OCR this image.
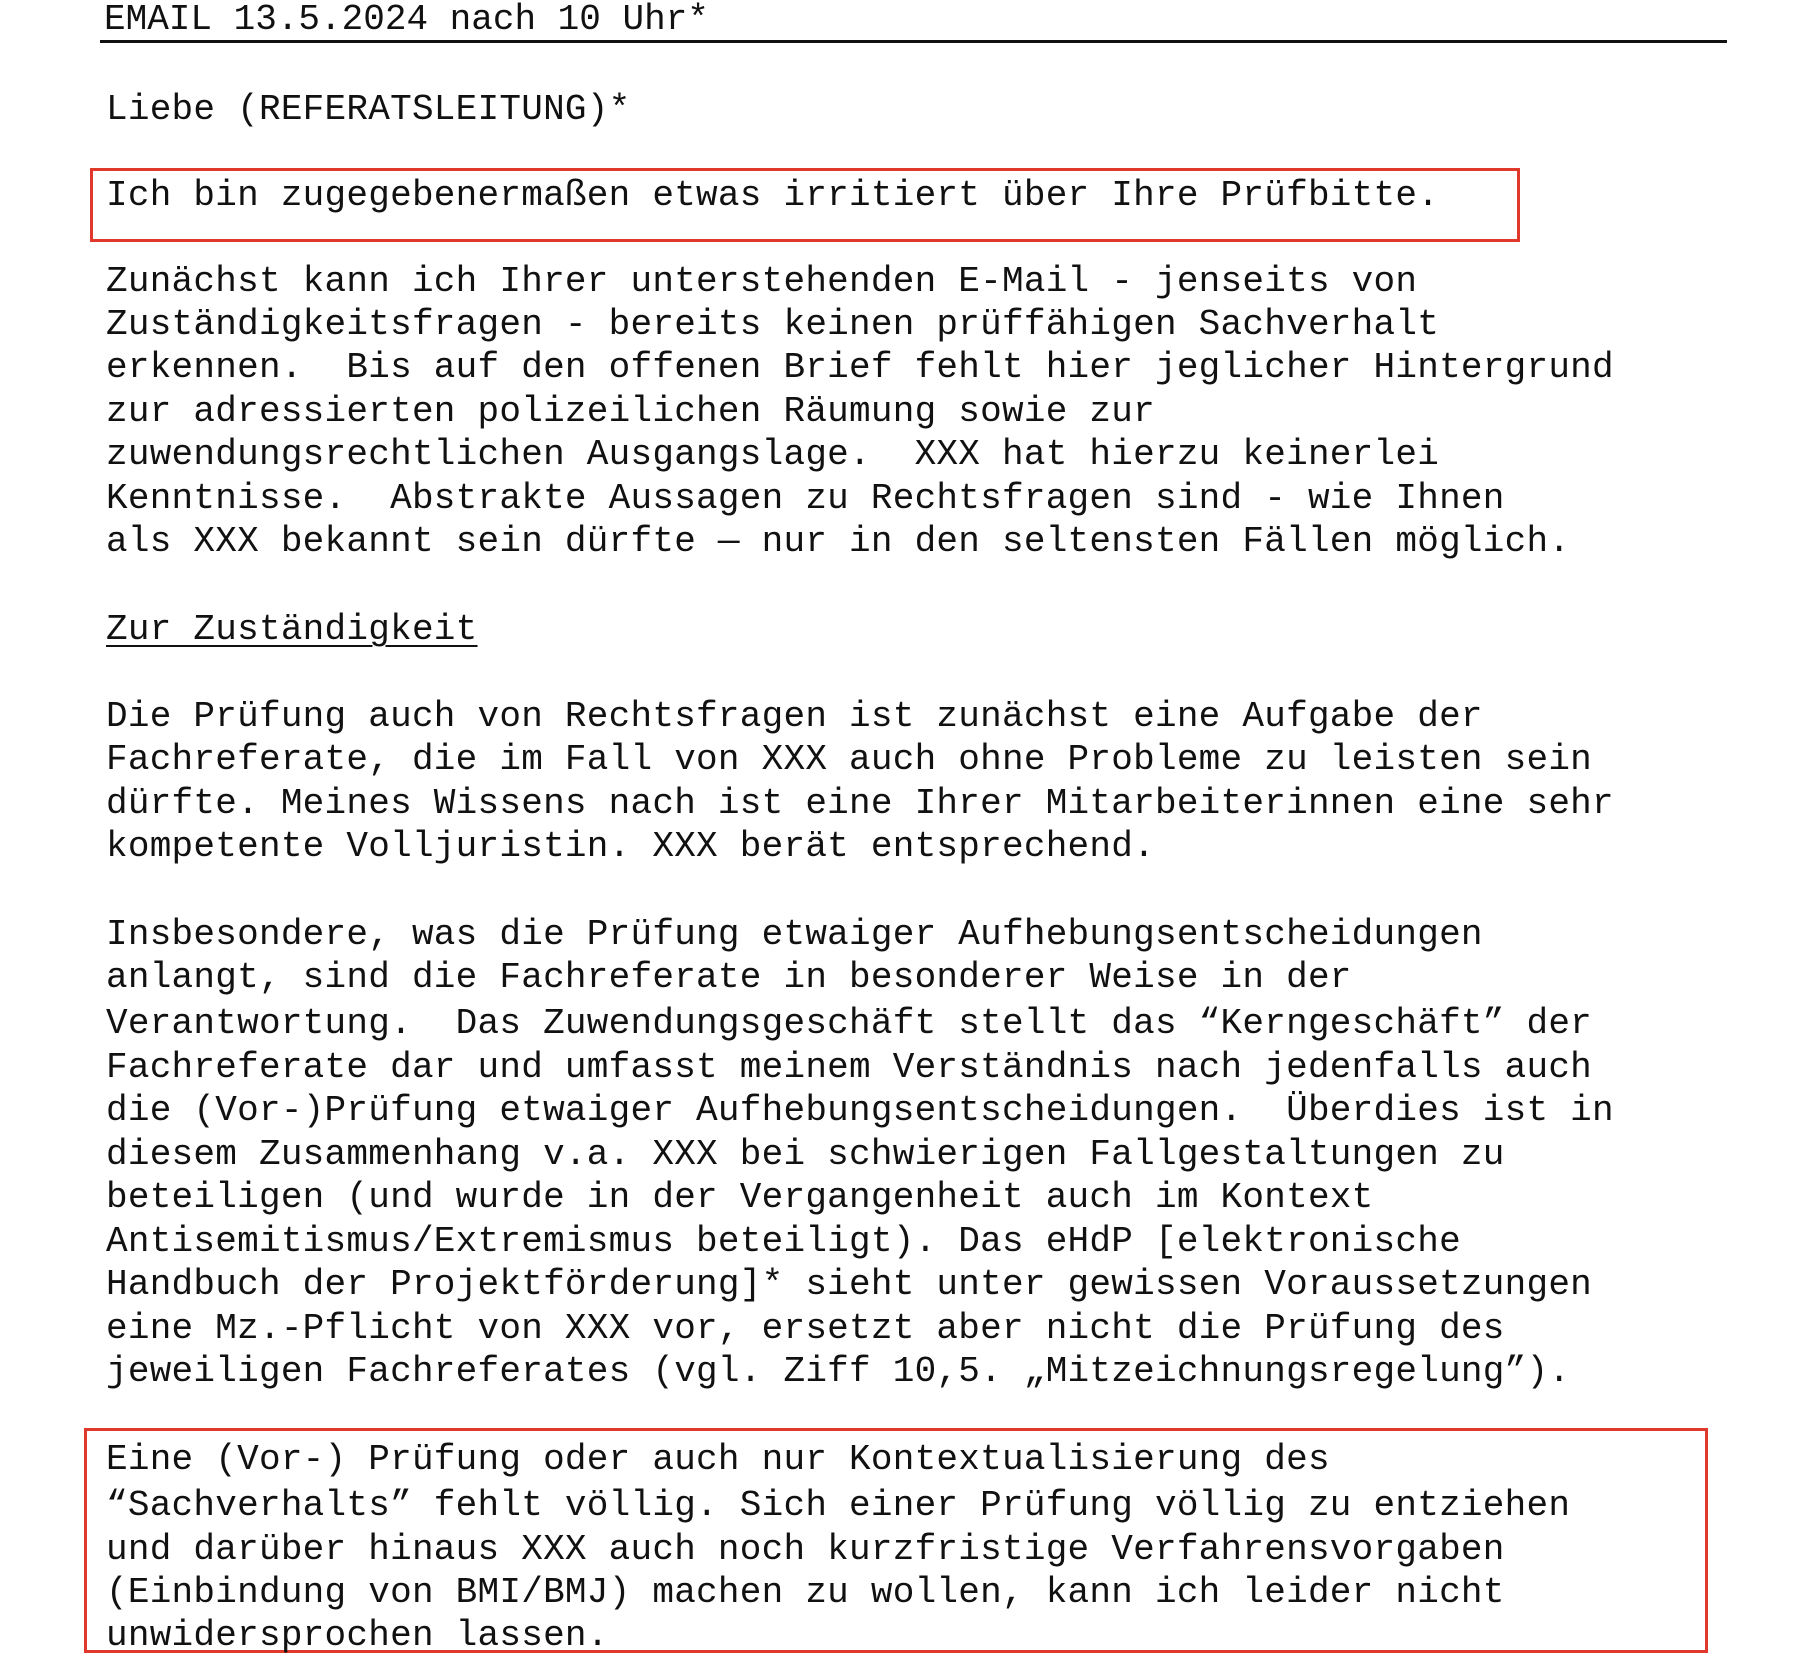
EMAIL 13.5.2024 nach 10 Uhr*
Liebe (REFERATSLEITUNG)*
Ich bin zugegebenermaßen etwas irritiert über Ihre Prüfbitte.
Zunächst kann ich Ihrer unterstehenden E-Mail - jenseits von
Zuständigkeitsfragen - bereits keinen prüffähigen Sachverhalt
erkennen.  Bis auf den offenen Brief fehlt hier jeglicher Hintergrund
zur adressierten polizeilichen Räumung sowie zur
zuwendungsrechtlichen Ausgangslage.  XXX hat hierzu keinerlei
Kenntnisse.  Abstrakte Aussagen zu Rechtsfragen sind - wie Ihnen
als XXX bekannt sein dürfte — nur in den seltensten Fällen möglich.
Zur Zuständigkeit
Die Prüfung auch von Rechtsfragen ist zunächst eine Aufgabe der
Fachreferate, die im Fall von XXX auch ohne Probleme zu leisten sein
dürfte. Meines Wissens nach ist eine Ihrer Mitarbeiterinnen eine sehr
kompetente Volljuristin. XXX berät entsprechend.
Insbesondere, was die Prüfung etwaiger Aufhebungsentscheidungen
anlangt, sind die Fachreferate in besonderer Weise in der
Verantwortung.  Das Zuwendungsgeschäft stellt das “Kerngeschäft” der
Fachreferate dar und umfasst meinem Verständnis nach jedenfalls auch
die (Vor-)Prüfung etwaiger Aufhebungsentscheidungen.  Überdies ist in
diesem Zusammenhang v.a. XXX bei schwierigen Fallgestaltungen zu
beteiligen (und wurde in der Vergangenheit auch im Kontext
Antisemitismus/Extremismus beteiligt). Das eHdP [elektronische
Handbuch der Projektförderung]* sieht unter gewissen Voraussetzungen
eine Mz.-Pflicht von XXX vor, ersetzt aber nicht die Prüfung des
jeweiligen Fachreferates (vgl. Ziff 10,5. „Mitzeichnungsregelung”).
Eine (Vor-) Prüfung oder auch nur Kontextualisierung des
“Sachverhalts” fehlt völlig. Sich einer Prüfung völlig zu entziehen
und darüber hinaus XXX auch noch kurzfristige Verfahrensvorgaben
(Einbindung von BMI/BMJ) machen zu wollen, kann ich leider nicht
unwidersprochen lassen.
